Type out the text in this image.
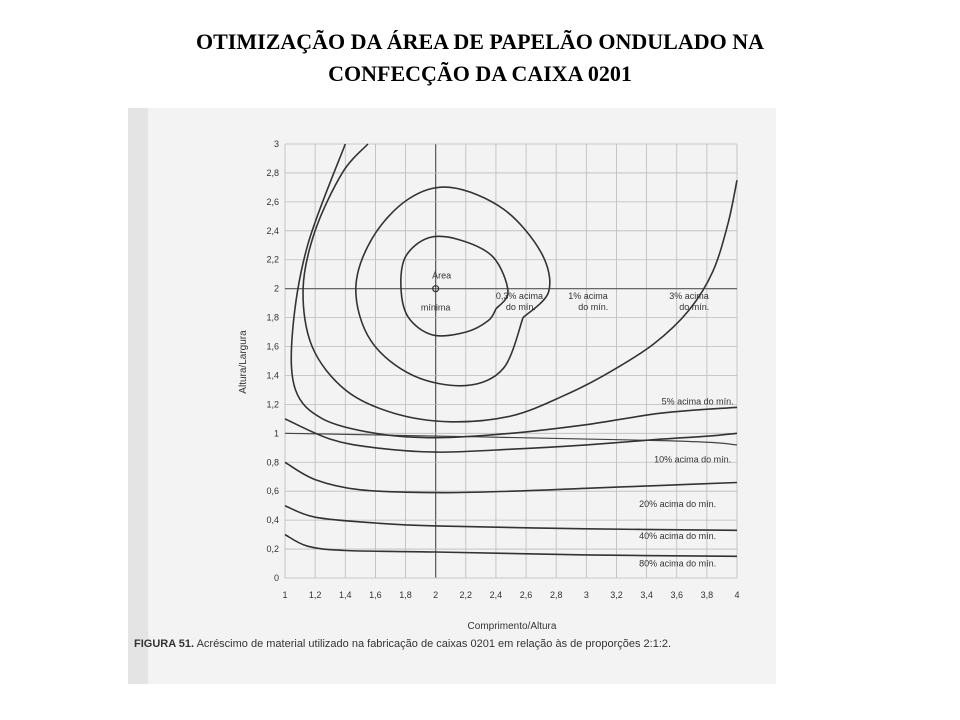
OTIMIZAÇÃO DA ÁREA DE PAPELÃO ONDULADO NA
CONFECÇÃO DA CAIXA 0201
1 1,2 1,4 1,6 1,8 2 2,2 2,4 2,6 2,8 3 3,2 3,4 3,6 3,8 4
0
0,2
0,4
0,6
0,8
1
1,2
1,4
1,6
1,8
2
2,2
2,4
2,6
2,8
3
0,3% acima do mín.
1% acima do mín.
3% acima do mín.
5% acima do mín.
10% acima do mín.
20% acima do mín.
40% acima do mín.
80% acima do mín.
Área
mínima
Comprimento/Altura
Altura/Largura
FIGURA 51. Acréscimo de material utilizado na fabricação de caixas 0201 em relação às de proporções 2:1:2.
